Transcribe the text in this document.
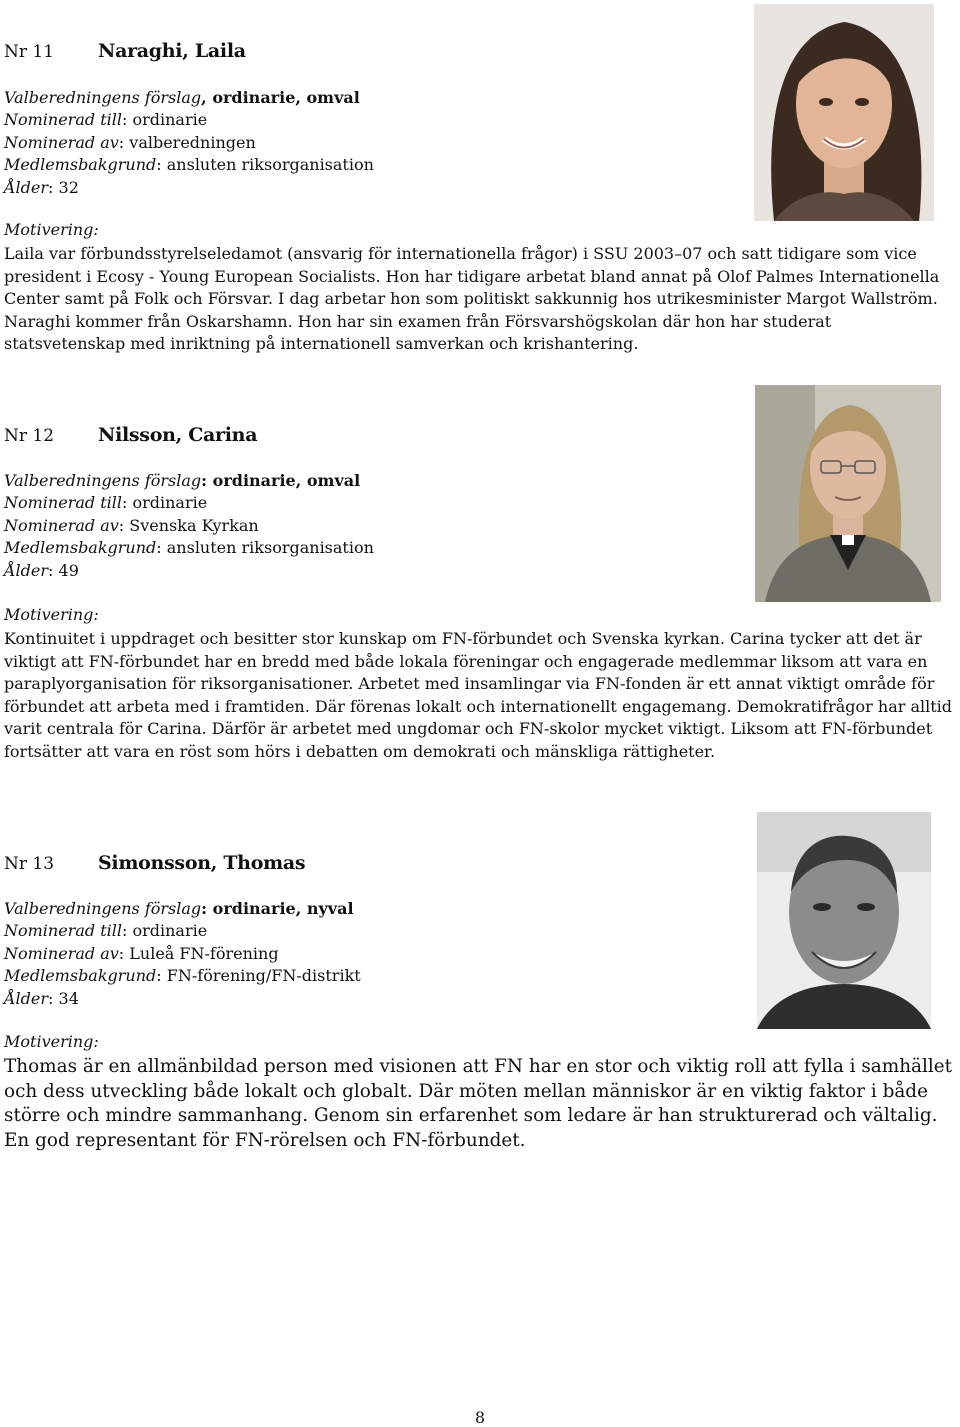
Nr 11 Naraghi, Laila
Valberedningens förslag, ordinarie, omval
Nominerad till: ordinarie
Nominerad av: valberedningen
Medlemsbakgrund: ansluten riksorganisation
Ålder: 32
Motivering:

Laila var förbundsstyrelseledamot (ansvarig för internationella frågor) i SSU 2003–07 och satt tidigare som vice president i Ecosy - Young European Socialists. Hon har tidigare arbetat bland annat på Olof Palmes Internationella Center samt på Folk och Försvar. I dag arbetar hon som politiskt sakkunnig hos utrikesminister Margot Wallström. Naraghi kommer från Oskarshamn. Hon har sin examen från Försvarshögskolan där hon har studerat statsvetenskap med inriktning på internationell samverkan och krishantering.

Nr 12 Nilsson, Carina
Valberedningens förslag: ordinarie, omval
Nominerad till: ordinarie
Nominerad av: Svenska Kyrkan
Medlemsbakgrund: ansluten riksorganisation
Ålder: 49
Motivering:

Kontinuitet i uppdraget och besitter stor kunskap om FN-förbundet och Svenska kyrkan. Carina tycker att det är viktigt att FN-förbundet har en bredd med både lokala föreningar och engagerade medlemmar liksom att vara en paraplyorganisation för riksorganisationer. Arbetet med insamlingar via FN-fonden är ett annat viktigt område för förbundet att arbeta med i framtiden. Där förenas lokalt och internationellt engagemang. Demokratifrågor har alltid varit centrala för Carina. Därför är arbetet med ungdomar och FN-skolor mycket viktigt. Liksom att FN-förbundet fortsätter att vara en röst som hörs i debatten om demokrati och mänskliga rättigheter.

Nr 13 Simonsson, Thomas
Valberedningens förslag: ordinarie, nyval
Nominerad till: ordinarie
Nominerad av: Luleå FN-förening
Medlemsbakgrund: FN-förening/FN-distrikt
Ålder: 34
Motivering:

Thomas är en allmänbildad person med visionen att FN har en stor och viktig roll att fylla i samhället och dess utveckling både lokalt och globalt. Där möten mellan människor är en viktig faktor i både större och mindre sammanhang. Genom sin erfarenhet som ledare är han strukturerad och vältalig. En god representant för FN-rörelsen och FN-förbundet.

8
